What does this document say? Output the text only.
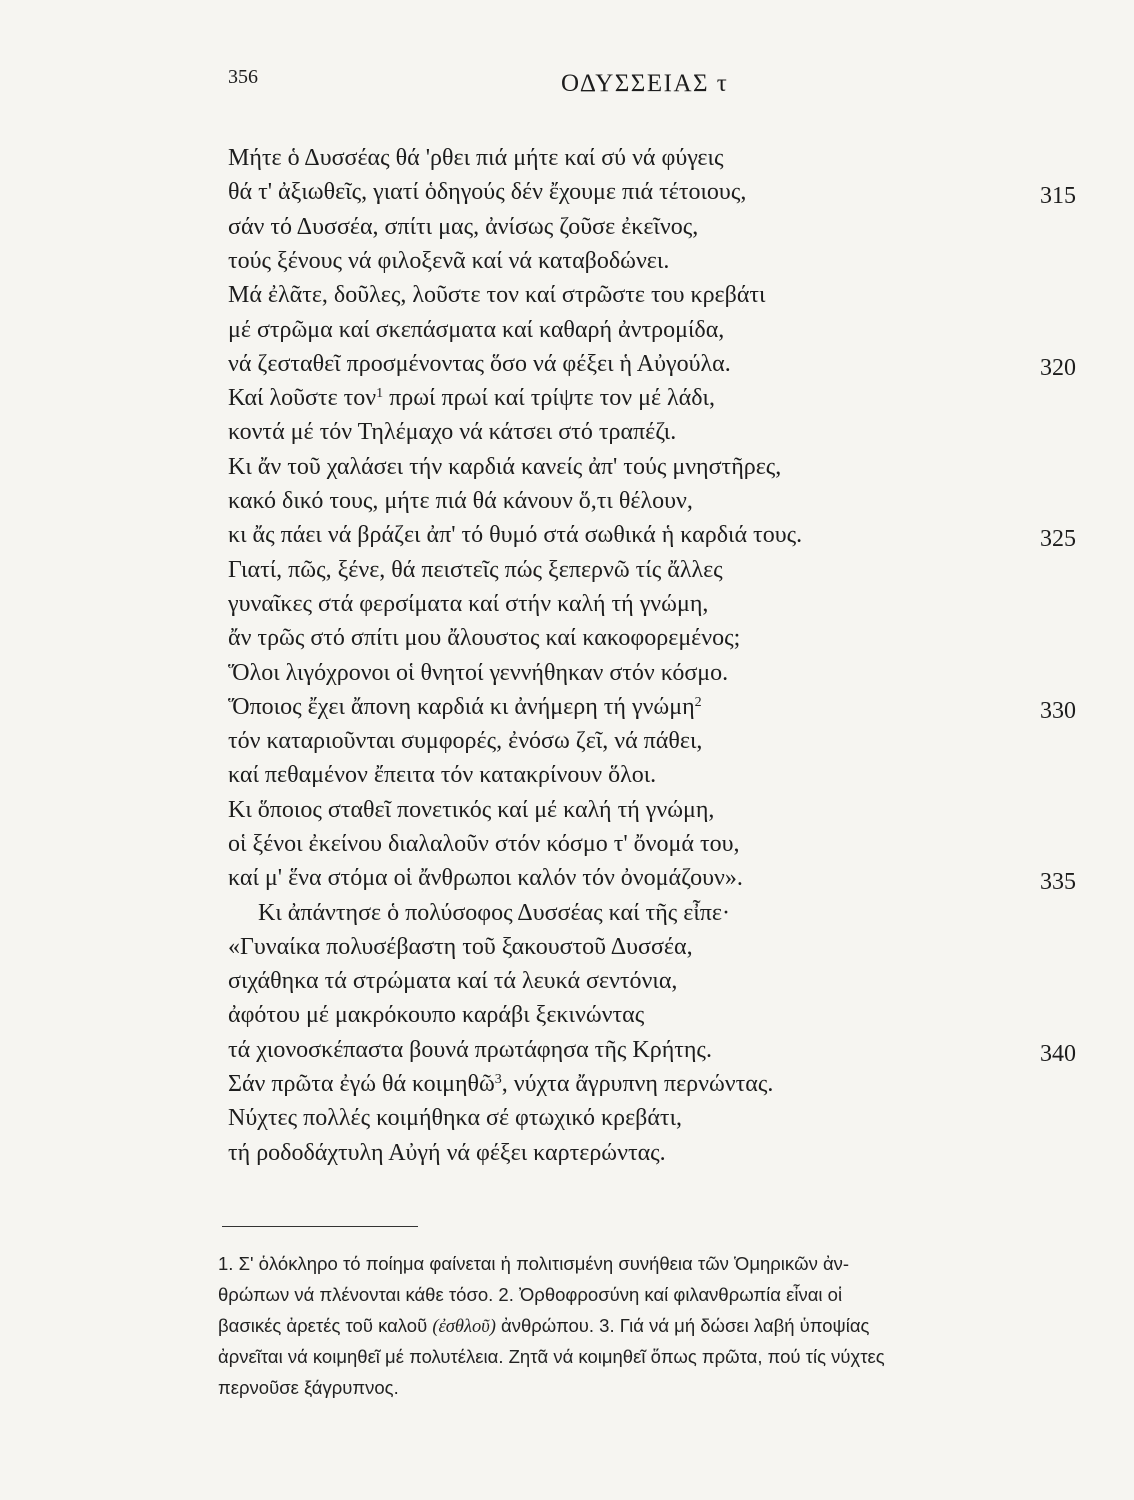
356	ΟΔΥΣΣΕΙΑΣ τ
Μήτε ὁ Δυσσέας θά 'ρθει πιά μήτε καί σύ νά φύγεις
θά τ' ἀξιωθεῖς, γιατί ὁδηγούς δέν ἔχουμε πιά τέτοιους,	315
σάν τό Δυσσέα, σπίτι μας, ἀνίσως ζοῦσε ἐκεῖνος,
τούς ξένους νά φιλοξενᾶ καί νά καταβοδώνει.
Μά ἐλᾶτε, δοῦλες, λοῦστε τον καί στρῶστε του κρεβάτι
μέ στρῶμα καί σκεπάσματα καί καθαρή ἀντρομίδα,
νά ζεσταθεῖ προσμένοντας ὅσο νά φέξει ἡ Αὐγούλα.	320
Καί λοῦστε τον$^1$ πρωί πρωί καί τρίψτε τον μέ λάδι,
κοντά μέ τόν Τηλέμαχο νά κάτσει στό τραπέζι.
Κι ἄν τοῦ χαλάσει τήν καρδιά κανείς ἀπ' τούς μνηστῆρες,
κακό δικό τους, μήτε πιά θά κάνουν ὅ,τι θέλουν,
κι ἄς πάει νά βράζει ἀπ' τό θυμό στά σωθικά ἡ καρδιά τους.	325
Γιατί, πῶς, ξένε, θά πειστεῖς πώς ξεπερνῶ τίς ἄλλες
γυναῖκες στά φερσίματα καί στήν καλή τή γνώμη,
ἄν τρῶς στό σπίτι μου ἄλουστος καί κακοφορεμένος;
Ὅλοι λιγόχρονοι οἱ θνητοί γεννήθηκαν στόν κόσμο.
Ὅποιος ἔχει ἄπονη καρδιά κι ἀνήμερη τή γνώμη$^2$	330
τόν καταριοῦνται συμφορές, ἐνόσω ζεῖ, νά πάθει,
καί πεθαμένον ἔπειτα τόν κατακρίνουν ὅλοι.
Κι ὅποιος σταθεῖ πονετικός καί μέ καλή τή γνώμη,
οἱ ξένοι ἐκείνου διαλαλοῦν στόν κόσμο τ' ὄνομά του,
καί μ' ἕνα στόμα οἱ ἄνθρωποι καλόν τόν ὀνομάζουν».	335
Κι ἀπάντησε ὁ πολύσοφος Δυσσέας καί τῆς εἶπε·
«Γυναίκα πολυσέβαστη τοῦ ξακουστοῦ Δυσσέα,
σιχάθηκα τά στρώματα καί τά λευκά σεντόνια,
ἀφότου μέ μακρόκουπο καράβι ξεκινώντας
τά χιονοσκέπαστα βουνά πρωτάφησα τῆς Κρήτης.	340
Σάν πρῶτα ἐγώ θά κοιμηθῶ$^3$, νύχτα ἄγρυπνη περνώντας.
Νύχτες πολλές κοιμήθηκα σέ φτωχικό κρεβάτι,
τή ροδοδάχτυλη Αὐγή νά φέξει καρτερώντας.
1. Σ' ὁλόκληρο τό ποίημα φαίνεται ἡ πολιτισμένη συνήθεια τῶν Ὁμηρικῶν ἀν-
θρώπων νά πλένονται κάθε τόσο. 2. Ὀρθοφροσύνη καί φιλανθρωπία εἶναι οἱ
βασικές ἀρετές τοῦ καλοῦ (ἐσθλοῦ) ἀνθρώπου. 3. Γιά νά μή δώσει λαβή ὑποψίας
ἀρνεῖται νά κοιμηθεῖ μέ πολυτέλεια. Ζητᾶ νά κοιμηθεῖ ὅπως πρῶτα, πού τίς νύχτες
περνοῦσε ξάγρυπνος.
